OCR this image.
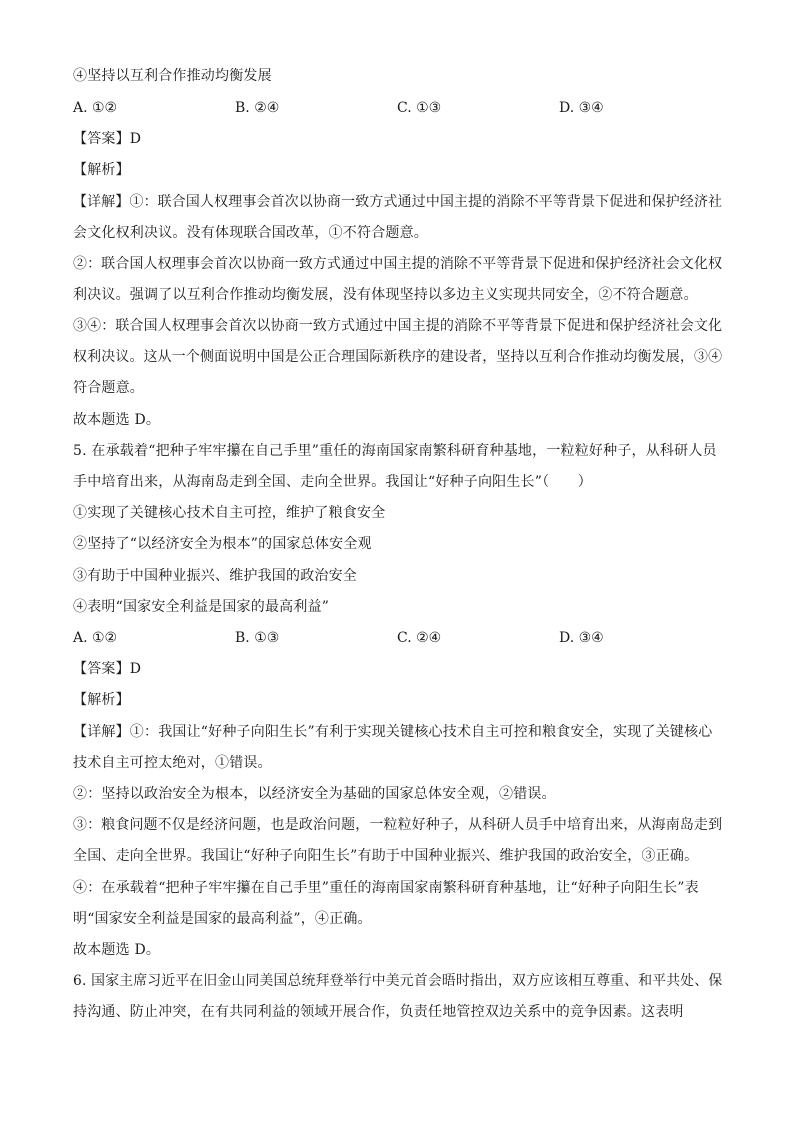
④坚持以互利合作推动均衡发展
A. ①②	B. ②④	C. ①③	D. ③④
【答案】D
【解析】
【详解】①：联合国人权理事会首次以协商一致方式通过中国主提的消除不平等背景下促进和保护经济社
会文化权利决议。没有体现联合国改革，①不符合题意。
②：联合国人权理事会首次以协商一致方式通过中国主提的消除不平等背景下促进和保护经济社会文化权
利决议。强调了以互利合作推动均衡发展，没有体现坚持以多边主义实现共同安全，②不符合题意。
③④：联合国人权理事会首次以协商一致方式通过中国主提的消除不平等背景下促进和保护经济社会文化
权利决议。这从一个侧面说明中国是公正合理国际新秩序的建设者，坚持以互利合作推动均衡发展，③④
符合题意。
故本题选 D。
5. 在承载着“把种子牢牢攥在自己手里”重任的海南国家南繁科研育种基地，一粒粒好种子，从科研人员
手中培育出来，从海南岛走到全国、走向全世界。我国让“好种子向阳生长”（　　）
①实现了关键核心技术自主可控，维护了粮食安全
②坚持了“以经济安全为根本”的国家总体安全观
③有助于中国种业振兴、维护我国的政治安全
④表明“国家安全利益是国家的最高利益”
A. ①②	B. ①③	C. ②④	D. ③④
【答案】D
【解析】
【详解】①：我国让“好种子向阳生长”有利于实现关键核心技术自主可控和粮食安全，实现了关键核心
技术自主可控太绝对，①错误。
②：坚持以政治安全为根本，以经济安全为基础的国家总体安全观，②错误。
③：粮食问题不仅是经济问题，也是政治问题，一粒粒好种子，从科研人员手中培育出来，从海南岛走到
全国、走向全世界。我国让“好种子向阳生长”有助于中国种业振兴、维护我国的政治安全，③正确。
④：在承载着“把种子牢牢攥在自己手里”重任的海南国家南繁科研育种基地，让“好种子向阳生长”表
明“国家安全利益是国家的最高利益”，④正确。
故本题选 D。
6. 国家主席习近平在旧金山同美国总统拜登举行中美元首会晤时指出，双方应该相互尊重、和平共处、保
持沟通、防止冲突，在有共同利益的领域开展合作，负责任地管控双边关系中的竞争因素。这表明
